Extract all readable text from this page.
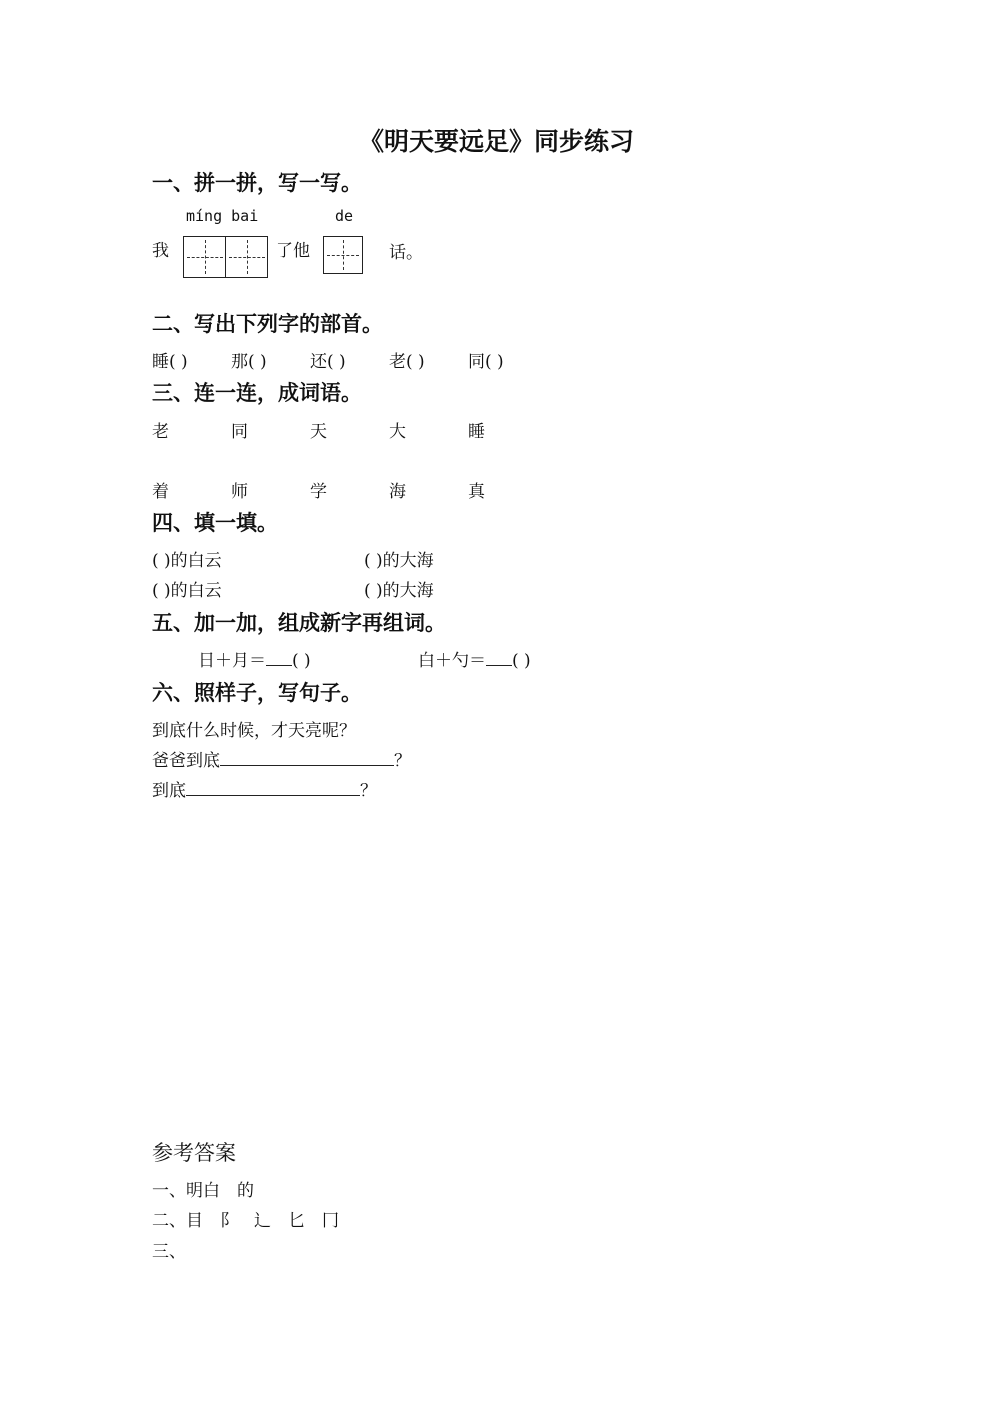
《明天要远足》同步练习
一、拼一拼，写一写。
míng bai	de
我	了他	话。
二、写出下列字的部首。
睡( )	那( )	还( )	老( )	同( )
三、连一连，成词语。
老	同	天	大	睡
着	师	学	海	真
四、填一填。
( )的白云	( )的大海
( )的白云	( )的大海
五、加一加，组成新字再组词。
日＋月＝ ( )	白＋勺＝ ( )
六、照样子，写句子。
到底什么时候，才天亮呢？
爸爸到底	？
到底	？
参考答案
一、明白　的
二、目　阝　辶　匕　冂
三、
